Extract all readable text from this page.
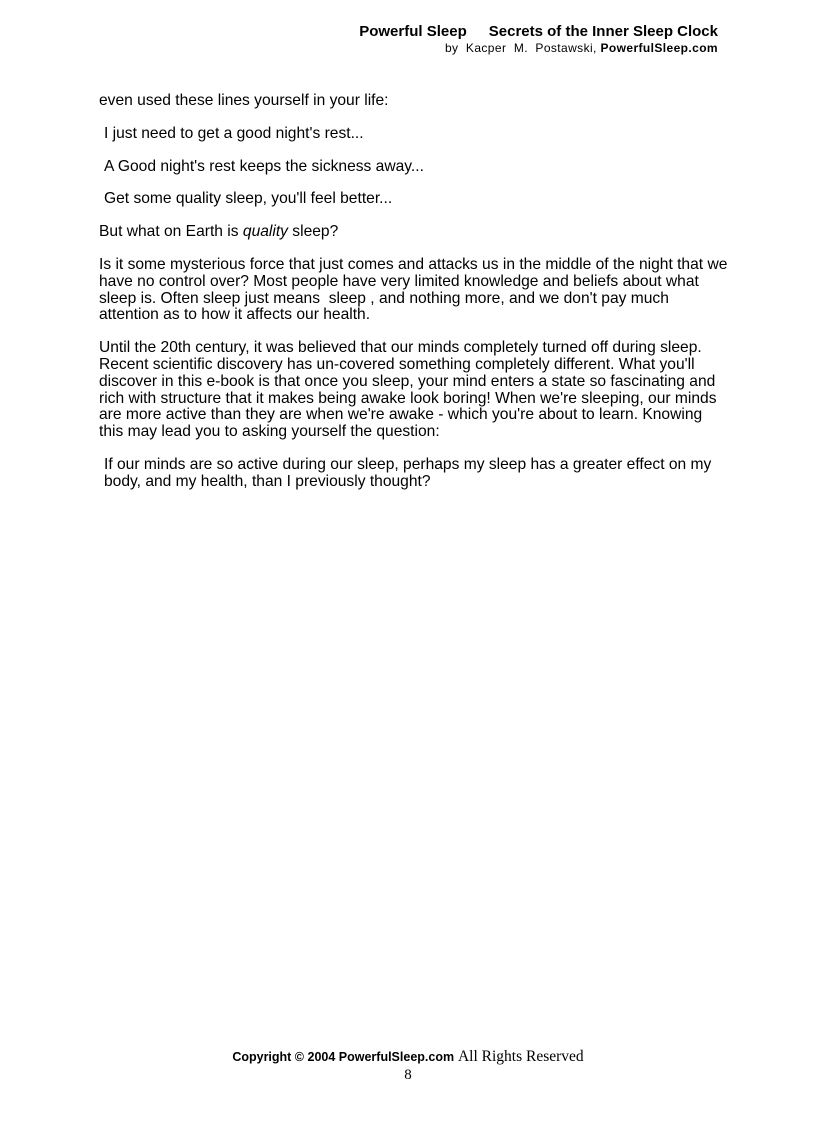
Powerful Sleep Secrets of the Inner Sleep Clock
by  Kacper  M.  Postawski, PowerfulSleep.com

even used these lines yourself in your life:

I just need to get a good night's rest...

A Good night's rest keeps the sickness away...

Get some quality sleep, you'll feel better...

But what on Earth is quality sleep?

Is it some mysterious force that just comes and attacks us in the middle of the night that we have no control over? Most people have very limited knowledge and beliefs about what sleep is. Often sleep just means  sleep , and nothing more, and we don't pay much attention as to how it affects our health.

Until the 20th century, it was believed that our minds completely turned off during sleep. Recent scientific discovery has un-covered something completely different. What you'll discover in this e-book is that once you sleep, your mind enters a state so fascinating and rich with structure that it makes being awake look boring! When we're sleeping, our minds are more active than they are when we're awake - which you're about to learn. Knowing this may lead you to asking yourself the question:

If our minds are so active during our sleep, perhaps my sleep has a greater effect on my body, and my health, than I previously thought?

Copyright © 2004 PowerfulSleep.com All Rights Reserved
8
